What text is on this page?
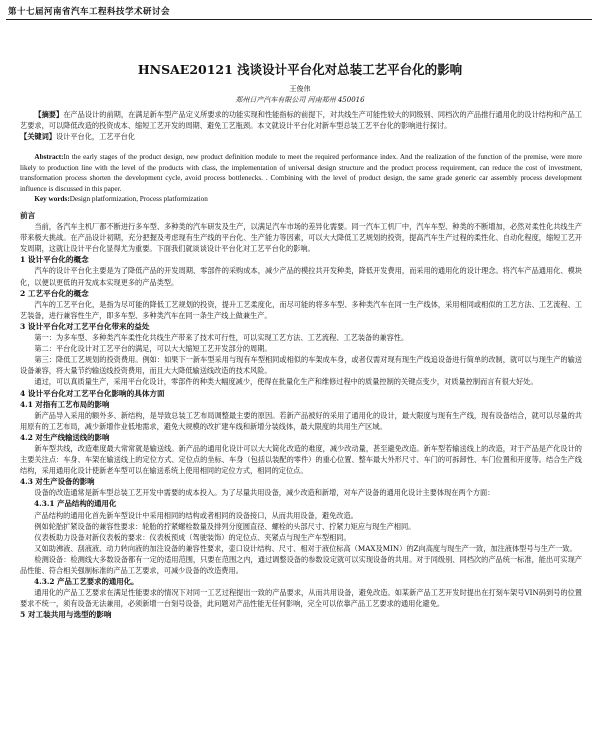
第十七届河南省汽车工程科技学术研讨会
HNSAE20121 浅谈设计平台化对总装工艺平台化的影响
王俊伟
郑州日产汽车有限公司 河南郑州 450016

【摘要】在产品设计的前期，在满足新车型产品定义所要求的功能实现和性能指标的前提下，对共线生产可能性较大的同级别、同档次的产品推行通用化的设计结构和产品工艺要求，可以降低改造的投资成本、缩短工艺开发的周期、避免工艺瓶颈。本文就设计平台化对新车型总装工艺平台化的影响进行探讨。

【关键词】设计平台化，工艺平台化

Abstract:In the early stages of the product design, new product definition module to meet the required performance index. And the realization of the function of the premise, were more likely to production line with the level of the products with class, the implementation of universal design structure and the product process requirement, can reduce the cost of investment, transformation process shorten the development cycle, avoid process bottlenecks. . Combining with the level of product design, the same grade generic car assembly process development influence is discussed in this paper.

Key words:Design platformization, Process platformization

前言

当前，各汽车主机厂都不断进行多车型、多种类的汽车研发及生产，以满足汽车市场的差异化需要。同一汽车工机厂中，汽车车型、种类的不断增加，必然对柔性化共线生产带来极大挑战。在产品设计初期，充分把握及考虑现有生产线的平台化、生产能力等因素，可以大大降低工艺规划的投资，提高汽车生产过程的柔性化、自动化程度，缩短工艺开发周期，这就让设计平台化显得尤为重要。下面我们就谈谈设计平台化对工艺平台化的影响。

1 设计平台化的概念

汽车的设计平台化主要是为了降低产品的开发周期、零部件的采购成本，减少产品的模拉共开发种类，降低开发费用，而采用的通用化的设计理念。将汽车产品通用化、模块化，以便以更低的开发成本实现更多的产品类型。

2 工艺平台化的概念

汽车的工艺平台化，是指为尽可能的降低工艺规划的投资，提升工艺柔度化，而尽可能的将多车型、多种类汽车在同一生产线体，采用相同或相似的工艺方法、工艺流程、工艺装备，进行兼容性生产，即多车型、多种类汽车在同一条生产线上做兼生产。

3 设计平台化对工艺平台化带来的益处

第一：为多车型、多种类汽车柔性化共线生产带来了技术可行性，可以实现工艺方法、工艺流程、工艺装备的兼容性。

第二：平台化设计对工艺平台的满足，可以大大缩短工艺开发部分的周期。

第三：降低工艺规划的投资费用。例如：如果下一新车型采用与现有车型相同或相似的车架成车身，或者仅需对现有现生产线追设备进行简单的改制，就可以与现生产的输送设备兼容，将大量节约输送线投资费用，而且大大降低输送线改造的技术风险。

通过，可以真质量生产，采用平台化设计，零部件的种类大幅度减少，使得在批量化生产和维修过程中的质量控制的关键点变少，对质量控制而言有很大好处。

4 设计平台化对工艺平台化影响的具体方面
4.1 对指有工艺布局的影响

新产品导入采用的额外多、新结构，是导致总装工艺布局调整最主要的原因。若新产品被好的采用了通用化的设计，最大限度与现有生产线，现有设备结合，就可以尽量的共用原有的工艺布局，减少新增作业低地需求，避免大规模的改扩建车线和新增分装线体，最大限度的共用生产区域。

4.2 对生产线输送线的影响

新车型共线，改造难度最大常常就是输送线。新产品的通用化设计可以大大简化改造的难度，减少改动量，甚至避免改造。新车型若输送线上的改造，对于产品是产化设计的主要关注点：车身、车架在输送线上的定位方式、定位点的坐标、车身（包括以装配的零件）的重心位置、整车最大外形尺寸、车门的可拆卸性、车门位置和开度等。结合生产线结构，采用通用化设计使新老车型可以在输送系统上使用相同的定位方式，相同的定位点。

4.3 对生产设备的影响

设备的改造通常是新车型总装工艺开发中需要的成本投入。为了尽量共用设备，减少改造和新增，对车产设备的通用化设计主要体现在两个方面：

4.3.1 产品结构的通用化

产品结构的通用化首先新车型设计中采用相同的结构或者相同的设备接口，从而共用设备，避免改造。

例如轮胎扩紧设备的兼容性要求：轮胎的拧紧螺栓数量及排列分度圆直径、螺栓的头部尺寸、拧紧力矩应与现生产相同。

仪表板助力设备对新仪表板的要求：仪表板预成（驾驶装饰）的定位点、夹紧点与现生产车型相同。

又如助沸液、刮液液、动力转向液的加注设备的兼容性要求，壶口设计结构、尺寸、相对于液位标高（MAX及MIN）的Z向高度与现生产一致，加注液体型号与生产一致。

检测设备：检测线大多数设备都有一定的适用范围，只要在范围之内，通过调整设备的参数设定就可以实现设备的共用。对于同级别、同档次的产品统一标准，能出可实现产品性能、符合相关强制标准的产品工艺要求，可减少设备的改造费用。

4.3.2 产品工艺要求的通用化。

通用化的产品工艺要求在满足性能要求的情况下对同一工艺过程提出一致的产品要求，从而共用设备，避免改造。如某新产品工艺开发时提出在打刻车架号VIN码到号的位置要求不统一，须有设备无法兼用，必须新增一台刻号设备，此问题对产品性能无任何影响，完全可以依靠产品工艺要求的通用化避免。

5 对工装共用与选型的影响
